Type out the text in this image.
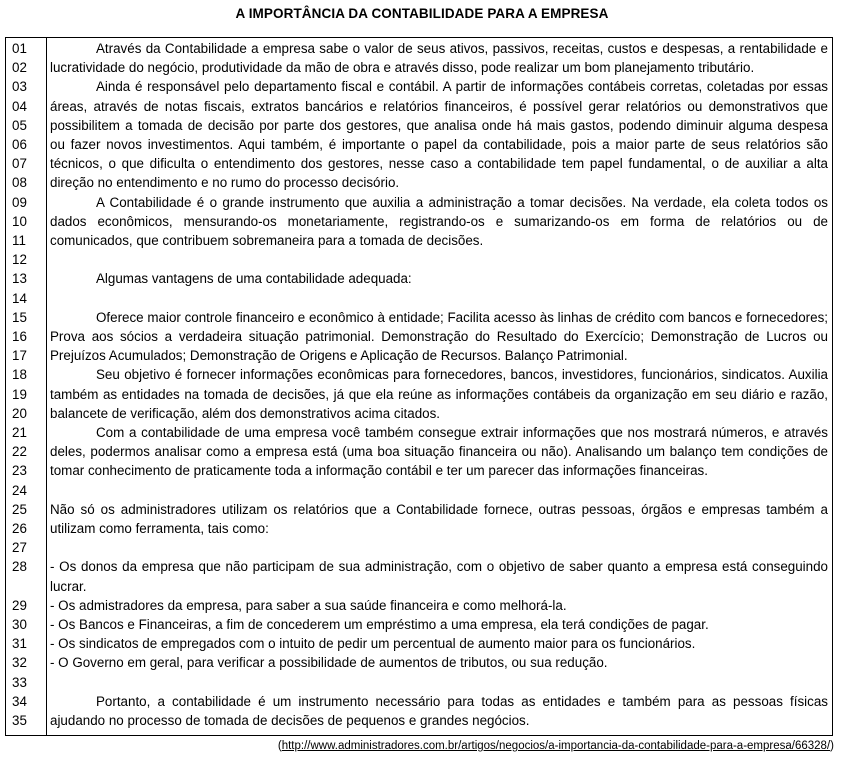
A IMPORTÂNCIA DA CONTABILIDADE PARA A EMPRESA
01	Através da Contabilidade a empresa sabe o valor de seus ativos, passivos, receitas, custos e despesas, a rentabilidade e
02	lucratividade do negócio, produtividade da mão de obra e através disso, pode realizar um bom planejamento tributário.
03	Ainda é responsável pelo departamento fiscal e contábil. A partir de informações contábeis corretas, coletadas por essas
04	áreas, através de notas fiscais, extratos bancários e relatórios financeiros, é possível gerar relatórios ou demonstrativos que
05	possibilitem a tomada de decisão por parte dos gestores, que analisa onde há mais gastos, podendo diminuir alguma despesa
06	ou fazer novos investimentos. Aqui também, é importante o papel da contabilidade, pois a maior parte de seus relatórios são
07	técnicos, o que dificulta o entendimento dos gestores, nesse caso a contabilidade tem papel fundamental, o de auxiliar a alta
08	direção no entendimento e no rumo do processo decisório.
09	A Contabilidade é o grande instrumento que auxilia a administração a tomar decisões. Na verdade, ela coleta todos os
10	dados econômicos, mensurando-os monetariamente, registrando-os e sumarizando-os em forma de relatórios ou de
11	comunicados, que contribuem sobremaneira para a tomada de decisões.
12
13	Algumas vantagens de uma contabilidade adequada:
14
15	Oferece maior controle financeiro e econômico à entidade; Facilita acesso às linhas de crédito com bancos e fornecedores;
16	Prova aos sócios a verdadeira situação patrimonial. Demonstração do Resultado do Exercício; Demonstração de Lucros ou
17	Prejuízos Acumulados; Demonstração de Origens e Aplicação de Recursos. Balanço Patrimonial.
18	Seu objetivo é fornecer informações econômicas para fornecedores, bancos, investidores, funcionários, sindicatos. Auxilia
19	também as entidades na tomada de decisões, já que ela reúne as informações contábeis da organização em seu diário e razão,
20	balancete de verificação, além dos demonstrativos acima citados.
21	Com a contabilidade de uma empresa você também consegue extrair informações que nos mostrará números, e através
22	deles, podermos analisar como a empresa está (uma boa situação financeira ou não). Analisando um balanço tem condições de
23	tomar conhecimento de praticamente toda a informação contábil e ter um parecer das informações financeiras.
24
25	Não só os administradores utilizam os relatórios que a Contabilidade fornece, outras pessoas, órgãos e empresas também a
26	utilizam como ferramenta, tais como:
27
28	- Os donos da empresa que não participam de sua administração, com o objetivo de saber quanto a empresa está conseguindo
lucrar.
29	- Os admistradores da empresa, para saber a sua saúde financeira e como melhorá-la.
30	- Os Bancos e Financeiras, a fim de concederem um empréstimo a uma empresa, ela terá condições de pagar.
31	- Os sindicatos de empregados com o intuito de pedir um percentual de aumento maior para os funcionários.
32	- O Governo em geral, para verificar a possibilidade de aumentos de tributos, ou sua redução.
33
34	Portanto, a contabilidade é um instrumento necessário para todas as entidades e também para as pessoas físicas
35	ajudando no processo de tomada de decisões de pequenos e grandes negócios.
(http://www.administradores.com.br/artigos/negocios/a-importancia-da-contabilidade-para-a-empresa/66328/)
